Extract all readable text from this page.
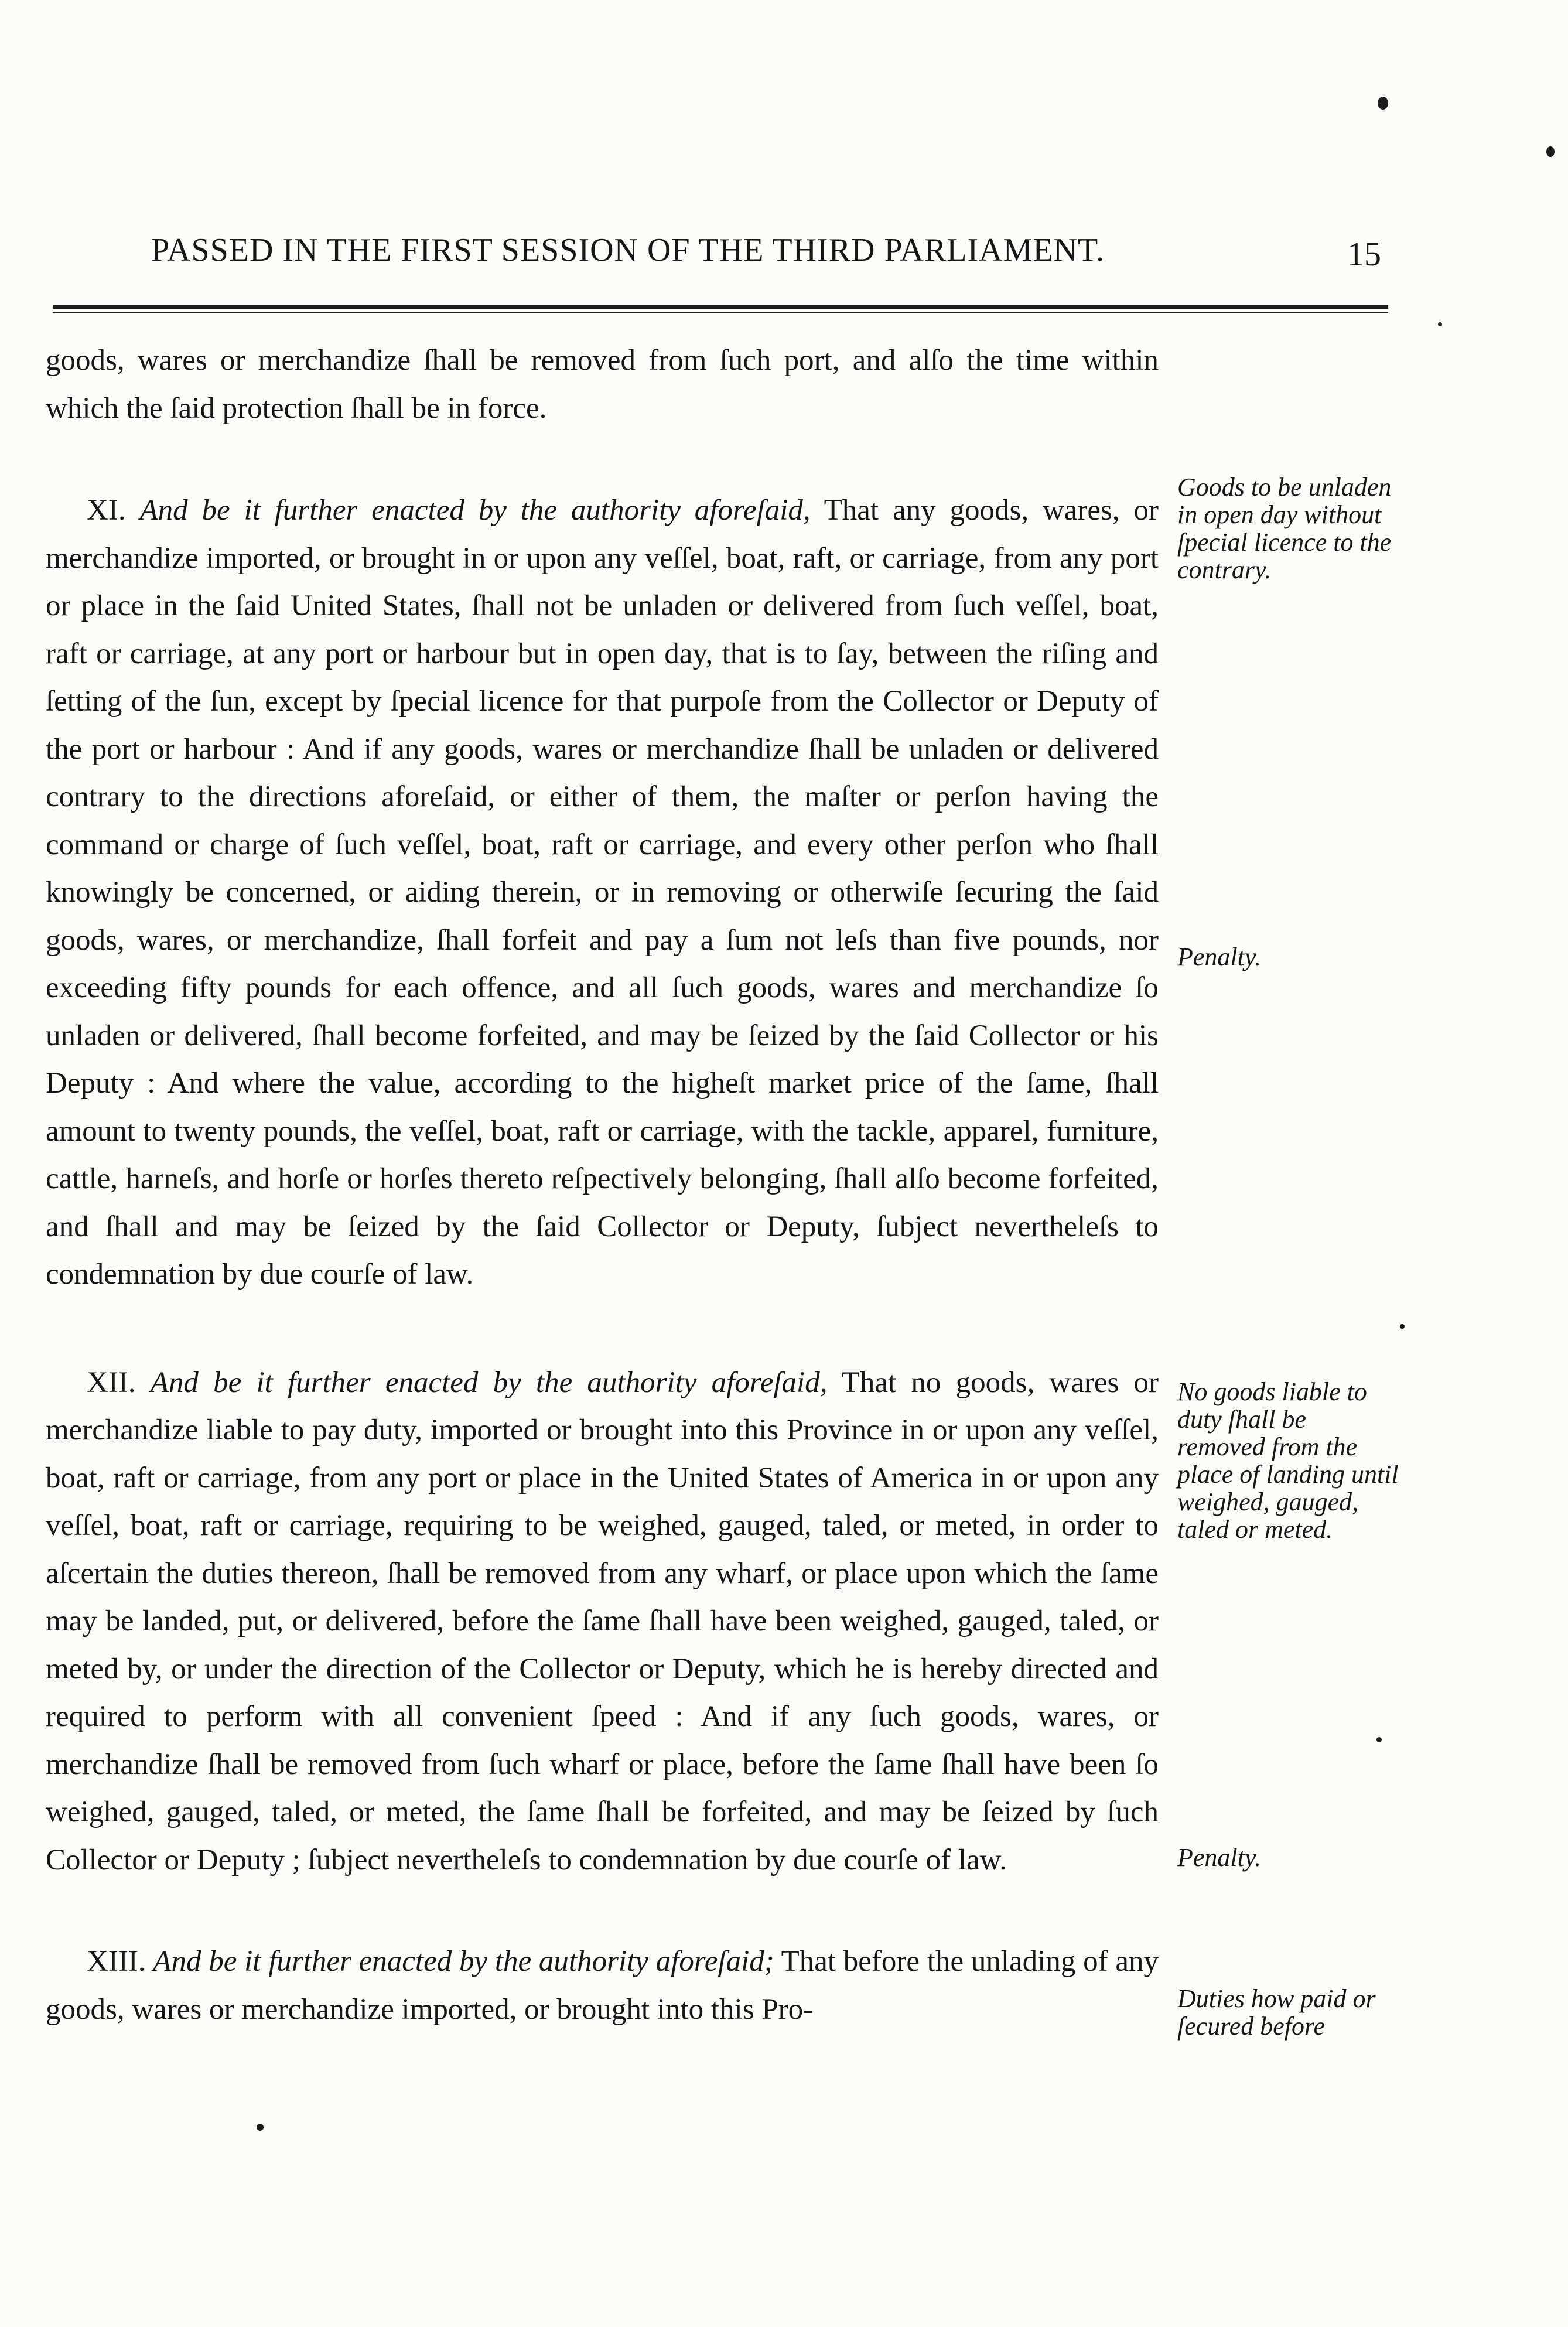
PASSED IN THE FIRST SESSION OF THE THIRD PARLIAMENT.	15

goods, wares or merchandize ſhall be removed from ſuch port, and alſo the time within which the ſaid protection ſhall be in force.

XI. And be it further enacted by the authority aforeſaid, That any goods, wares, or merchandize imported, or brought in or upon any veſſel, boat, raft, or carriage, from any port or place in the ſaid United States, ſhall not be unladen or delivered from ſuch veſſel, boat, raft or carriage, at any port or harbour but in open day, that is to ſay, between the riſing and ſetting of the ſun, except by ſpecial licence for that purpoſe from the Collector or Deputy of the port or harbour : And if any goods, wares or merchandize ſhall be unladen or delivered contrary to the directions aforeſaid, or either of them, the maſter or perſon having the command or charge of ſuch veſſel, boat, raft or carriage, and every other perſon who ſhall knowingly be concerned, or aiding therein, or in removing or otherwiſe ſecuring the ſaid goods, wares, or merchandize, ſhall forfeit and pay a ſum not leſs than five pounds, nor exceeding fifty pounds for each offence, and all ſuch goods, wares and merchandize ſo unladen or delivered, ſhall become forfeited, and may be ſeized by the ſaid Collector or his Deputy : And where the value, according to the higheſt market price of the ſame, ſhall amount to twenty pounds, the veſſel, boat, raft or carriage, with the tackle, apparel, furniture, cattle, harneſs, and horſe or horſes thereto reſpectively belonging, ſhall alſo become forfeited, and ſhall and may be ſeized by the ſaid Collector or Deputy, ſubject nevertheleſs to condemnation by due courſe of law.

XII. And be it further enacted by the authority aforeſaid, That no goods, wares or merchandize liable to pay duty, imported or brought into this Province in or upon any veſſel, boat, raft or carriage, from any port or place in the United States of America in or upon any veſſel, boat, raft or carriage, requiring to be weighed, gauged, taled, or meted, in order to aſcertain the duties thereon, ſhall be removed from any wharf, or place upon which the ſame may be landed, put, or delivered, before the ſame ſhall have been weighed, gauged, taled, or meted by, or under the direction of the Collector or Deputy, which he is hereby directed and required to perform with all convenient ſpeed : And if any ſuch goods, wares, or merchandize ſhall be removed from ſuch wharf or place, before the ſame ſhall have been ſo weighed, gauged, taled, or meted, the ſame ſhall be forfeited, and may be ſeized by ſuch Collector or Deputy ; ſubject nevertheleſs to condemnation by due courſe of law.

XIII. And be it further enacted by the authority aforeſaid; That before the unlading of any goods, wares or merchandize imported, or brought into this Pro-

Goods to be unladen in open day without ſpecial licence to the contrary.
Penalty.
No goods liable to duty ſhall be removed from the place of landing until weighed, gauged, taled or meted.
Penalty.
Duties how paid or ſecured before
